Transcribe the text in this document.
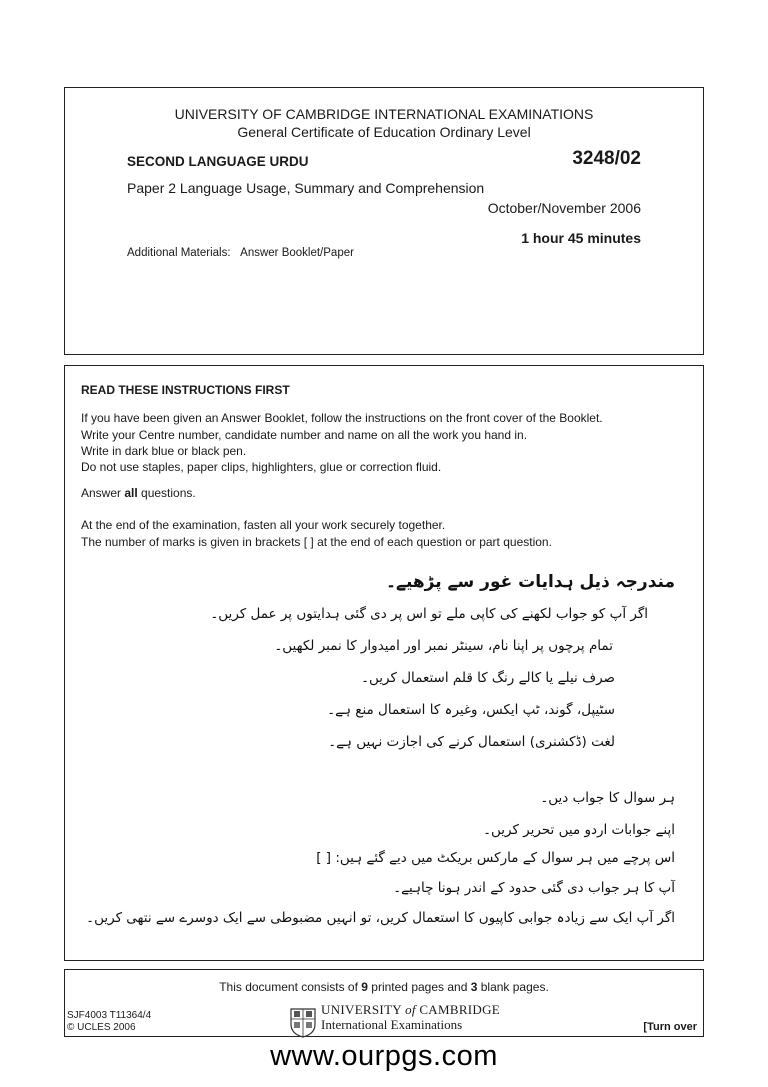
UNIVERSITY OF CAMBRIDGE INTERNATIONAL EXAMINATIONS
General Certificate of Education Ordinary Level
SECOND LANGUAGE URDU	3248/02
Paper 2 Language Usage, Summary and Comprehension
October/November 2006
1 hour 45 minutes
Additional Materials: Answer Booklet/Paper
READ THESE INSTRUCTIONS FIRST
If you have been given an Answer Booklet, follow the instructions on the front cover of the Booklet.
Write your Centre number, candidate number and name on all the work you hand in.
Write in dark blue or black pen.
Do not use staples, paper clips, highlighters, glue or correction fluid.
Answer all questions.
At the end of the examination, fasten all your work securely together.
The number of marks is given in brackets [ ] at the end of each question or part question.
مندرجہ ذیل ہدایات غور سے پڑھیے۔
اگر آپ کو جواب لکھنے کی کاپی ملے تو اس پر دی گئی ہدایتوں پر عمل کریں۔
تمام پرچوں پر اپنا نام، سینٹر نمبر اور امیدوار کا نمبر لکھیں۔
صرف نیلے یا کالے رنگ کا قلم استعمال کریں۔
سٹیپل، گوند، ٹپ ایکس، وغیرہ کا استعمال منع ہے۔
لغت (ڈکشنری) استعمال کرنے کی اجازت نہیں ہے۔
ہر سوال کا جواب دیں۔
اپنے جوابات اردو میں تحریر کریں۔
اس پرچے میں ہر سوال کے مارکس بریکٹ میں دیے گئے ہیں: [ ]
آپ کا ہر جواب دی گئی حدود کے اندر ہونا چاہیے۔
اگر آپ ایک سے زیادہ جوابی کاپیوں کا استعمال کریں، تو انہیں مضبوطی سے ایک دوسرے سے نتھی کریں۔
This document consists of 9 printed pages and 3 blank pages.
SJF4003 T11364/4
© UCLES 2006
UNIVERSITY of CAMBRIDGE
International Examinations	[Turn over
www.ourpgs.com
